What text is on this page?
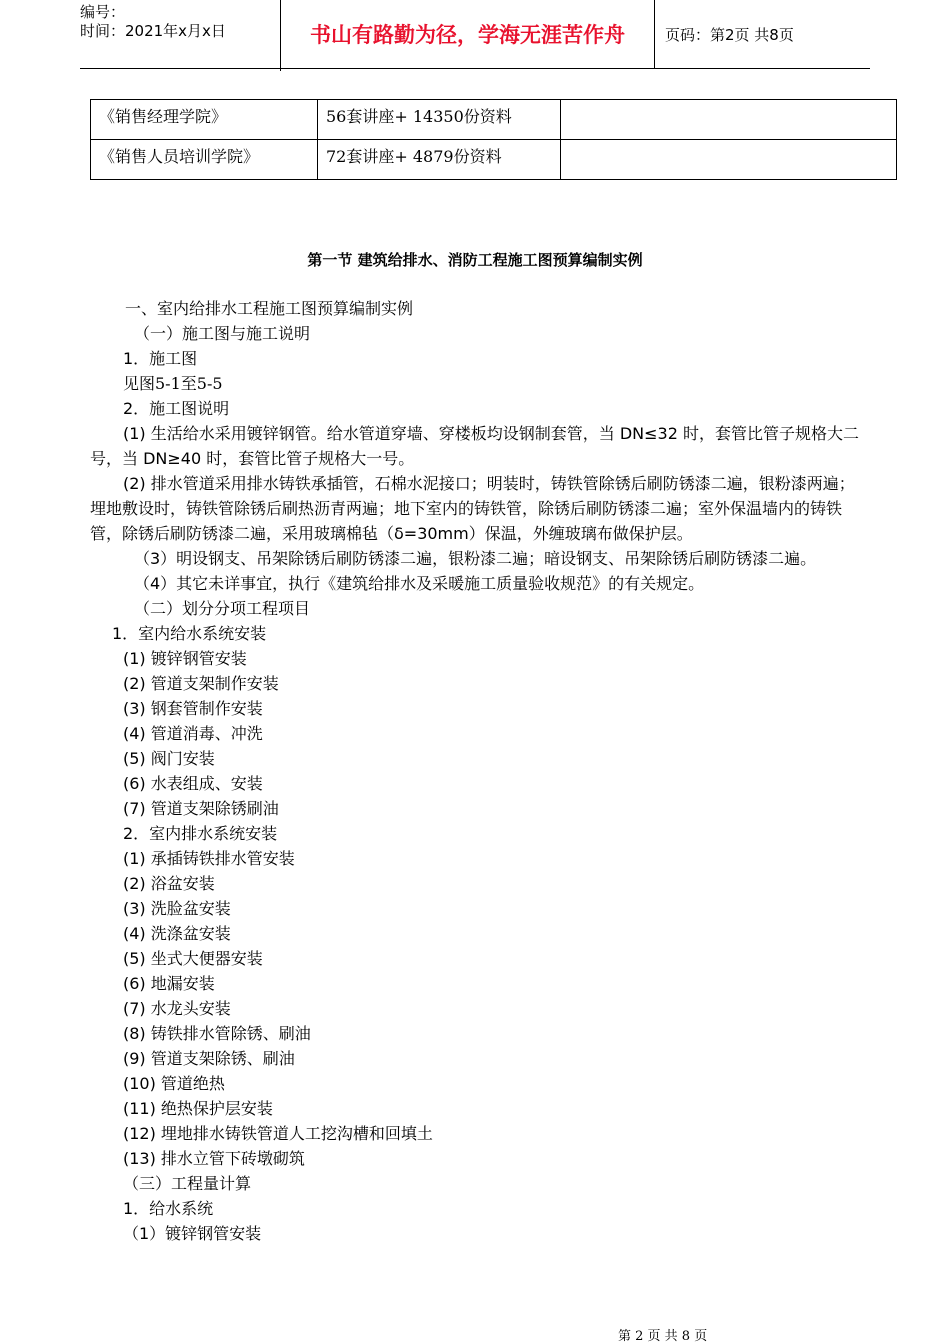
编号：
时间：2021年x月x日	书山有路勤为径，学海无涯苦作舟	页码：第2页 共8页
《销售经理学院》	56套讲座+ 14350份资料	
《销售人员培训学院》	72套讲座+ 4879份资料	
第一节 建筑给排水、消防工程施工图预算编制实例

一、室内给排水工程施工图预算编制实例

（一）施工图与施工说明

1．施工图

见图5-1至5-5

2．施工图说明

(1) 生活给水采用镀锌钢管。给水管道穿墙、穿楼板均设钢制套管，当 DN≤32 时，套管比管子规格大二号，当 DN≥40 时，套管比管子规格大一号。

(2) 排水管道采用排水铸铁承插管，石棉水泥接口；明装时，铸铁管除锈后刷防锈漆二遍，银粉漆两遍；埋地敷设时，铸铁管除锈后刷热沥青两遍；地下室内的铸铁管，除锈后刷防锈漆二遍；室外保温墙内的铸铁管，除锈后刷防锈漆二遍，采用玻璃棉毡（δ=30mm）保温，外缠玻璃布做保护层。

（3）明设钢支、吊架除锈后刷防锈漆二遍，银粉漆二遍；暗设钢支、吊架除锈后刷防锈漆二遍。

（4）其它未详事宜，执行《建筑给排水及采暖施工质量验收规范》的有关规定。

（二）划分分项工程项目

1．室内给水系统安装

(1) 镀锌钢管安装

(2) 管道支架制作安装

(3) 钢套管制作安装

(4) 管道消毒、冲洗

(5) 阀门安装

(6) 水表组成、安装

(7) 管道支架除锈刷油

2．室内排水系统安装

(1) 承插铸铁排水管安装

(2) 浴盆安装

(3) 洗脸盆安装

(4) 洗涤盆安装

(5) 坐式大便器安装

(6) 地漏安装

(7) 水龙头安装

(8) 铸铁排水管除锈、刷油

(9) 管道支架除锈、刷油

(10) 管道绝热

(11) 绝热保护层安装

(12) 埋地排水铸铁管道人工挖沟槽和回填土

(13) 排水立管下砖墩砌筑

（三）工程量计算

1．给水系统

（1）镀锌钢管安装

第 2 页 共 8 页
